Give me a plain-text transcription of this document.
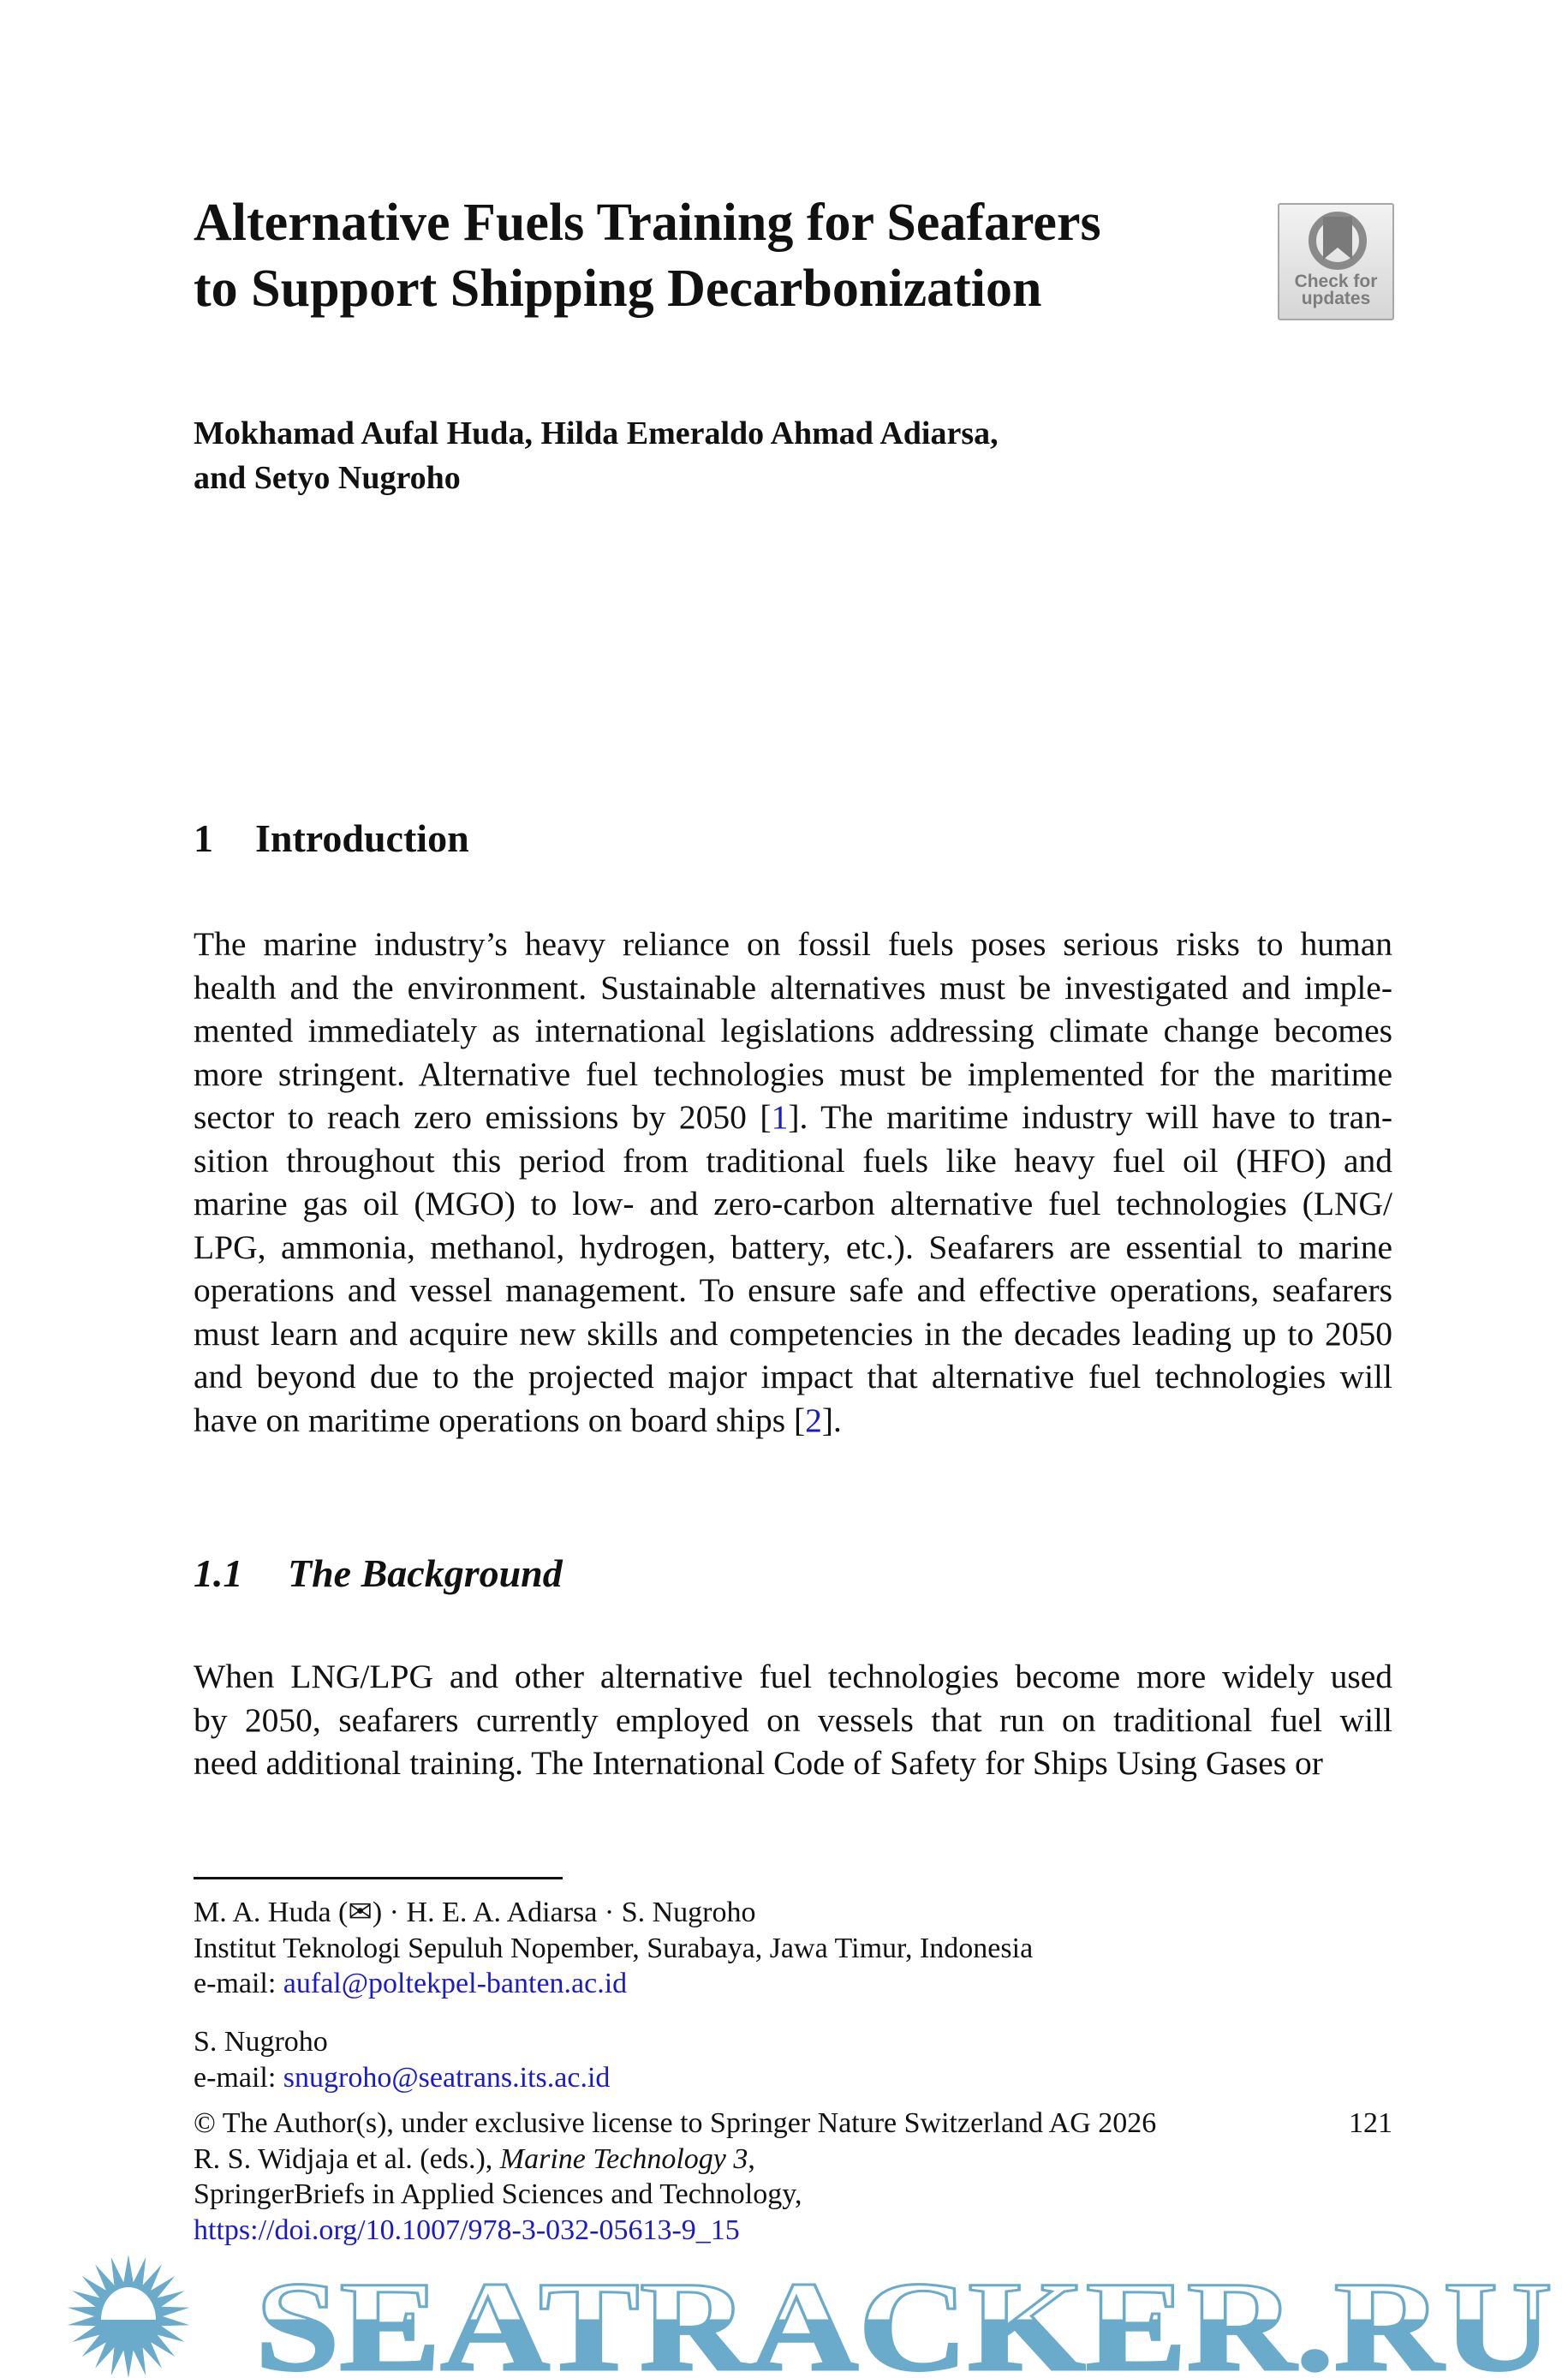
Alternative Fuels Training for Seafarers
to Support Shipping Decarbonization	Check for
updates
Mokhamad Aufal Huda, Hilda Emeraldo Ahmad Adiarsa,
and Setyo Nugroho
1 Introduction
The marine industry’s heavy reliance on fossil fuels poses serious risks to human
health and the environment. Sustainable alternatives must be investigated and imple-
mented immediately as international legislations addressing climate change becomes
more stringent. Alternative fuel technologies must be implemented for the maritime
sector to reach zero emissions by 2050 [1]. The maritime industry will have to tran-
sition throughout this period from traditional fuels like heavy fuel oil (HFO) and
marine gas oil (MGO) to low- and zero-carbon alternative fuel technologies (LNG/
LPG, ammonia, methanol, hydrogen, battery, etc.). Seafarers are essential to marine
operations and vessel management. To ensure safe and effective operations, seafarers
must learn and acquire new skills and competencies in the decades leading up to 2050
and beyond due to the projected major impact that alternative fuel technologies will
have on maritime operations on board ships [2].
1.1 The Background
When LNG/LPG and other alternative fuel technologies become more widely used
by 2050, seafarers currently employed on vessels that run on traditional fuel will
need additional training. The International Code of Safety for Ships Using Gases or
M. A. Huda (✉) · H. E. A. Adiarsa · S. Nugroho
Institut Teknologi Sepuluh Nopember, Surabaya, Jawa Timur, Indonesia
e-mail: aufal@poltekpel-banten.ac.id
S. Nugroho
e-mail: snugroho@seatrans.its.ac.id
© The Author(s), under exclusive license to Springer Nature Switzerland AG 2026	121
R. S. Widjaja et al. (eds.), Marine Technology 3,
SpringerBriefs in Applied Sciences and Technology,
https://doi.org/10.1007/978-3-032-05613-9_15
SEATRACKER.RU
